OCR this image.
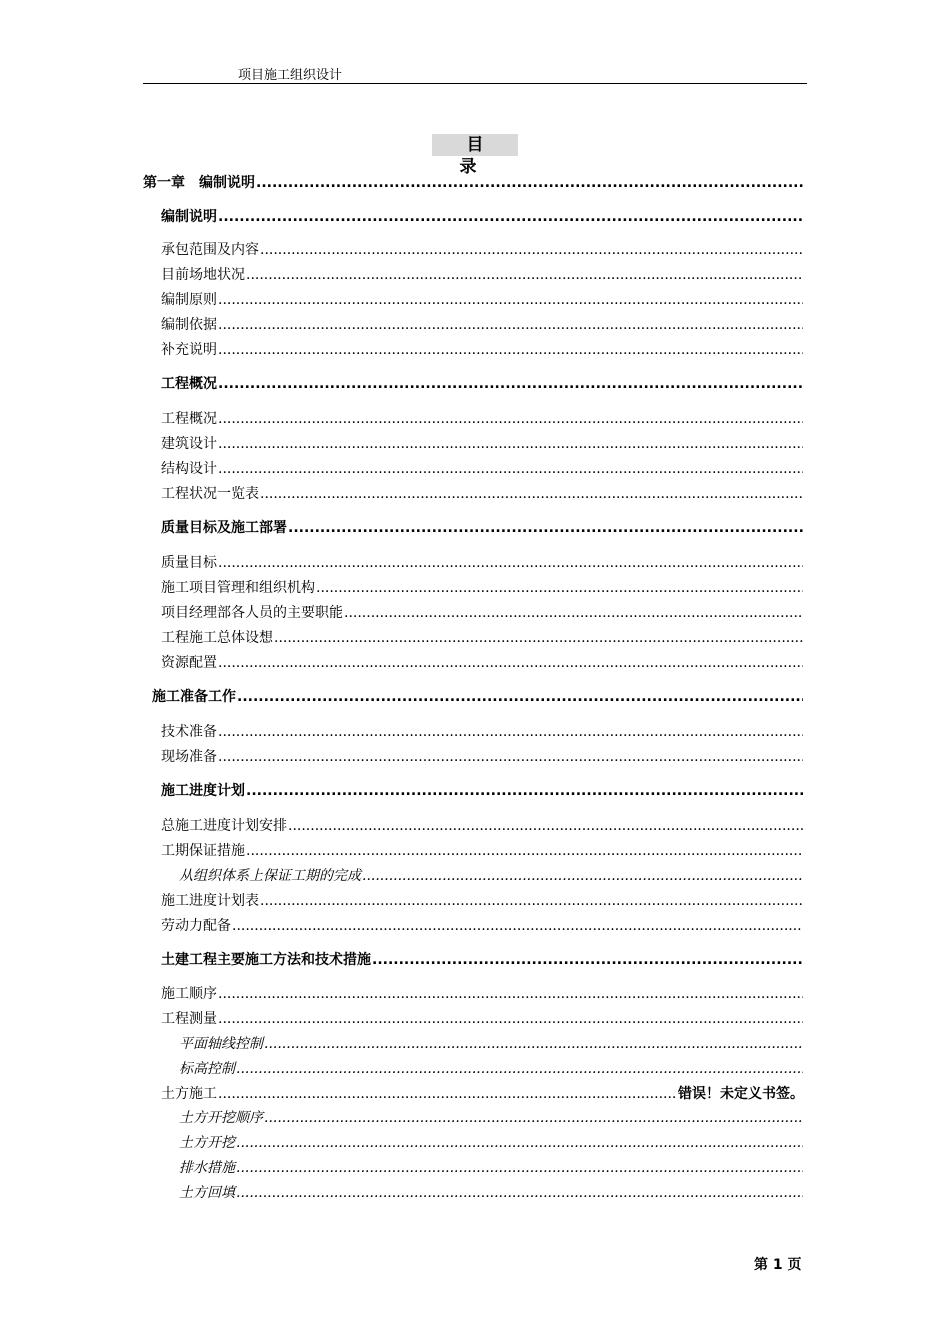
项目施工组织设计
目 录
第一章　编制说明
.....
编制说明
.....
承包范围及内容
.....
目前场地状况
.....
编制原则
.....
编制依据
.....
补充说明
.....
工程概况
.....
工程概况
.....
建筑设计
.....
结构设计
.....
工程状况一览表
.....
质量目标及施工部署
.....
质量目标
.....
施工项目管理和组织机构
.....
项目经理部各人员的主要职能
.....
工程施工总体设想
.....
资源配置
.....
施工准备工作
.....
技术准备
.....
现场准备
.....
施工进度计划
.....
总施工进度计划安排
.....
工期保证措施
.....
从组织体系上保证工期的完成
.....
施工进度计划表
.....
劳动力配备
.....
土建工程主要施工方法和技术措施
.....
施工顺序
.....
工程测量
.....
平面轴线控制
.....
标高控制
.....
土方施工
.....	错误！未定义书签。
土方开挖顺序
.....
土方开挖
.....
排水措施
.....
土方回填
.....
第 1 页
